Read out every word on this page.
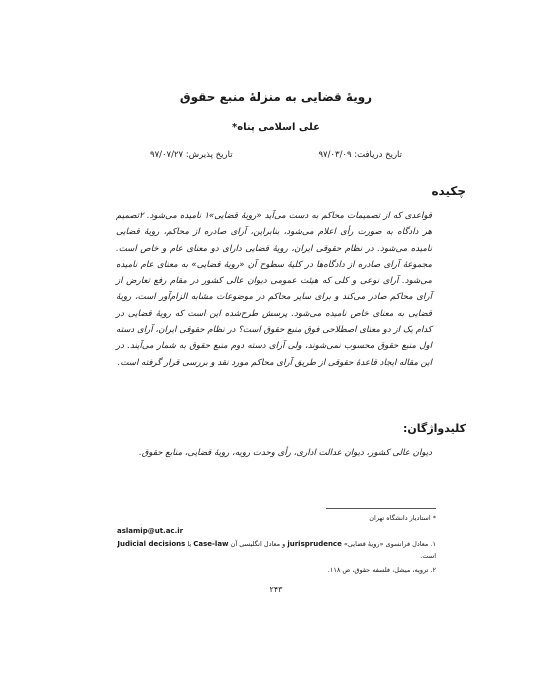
رویهٔ قضایی به منزلهٔ منبع حقوق

علی اسلامی پناه*

تاریخ دریافت: ۹۷/۰۳/۰۹
تاریخ پذیرش: ۹۷/۰۷/۲۷
چکیده

قواعدی که از تصمیمات محاکم به دست می‌آید «رویهٔ قضایی»۱ نامیده می‌شود. ۲تصمیم هر دادگاه به صورت رأی اعلام می‌شود، بنابراین، آرای صادره از محاکم، رویهٔ قضایی نامیده می‌شود. در نظام حقوقی ایران، رویهٔ قضایی دارای دو معنای عام و خاص است. مجموعهٔ آرای صادره از دادگاه‌ها در کلیهٔ سطوح آن «رویهٔ قضایی» به معنای عام نامیده می‌شود. آرای نوعی و کلی که هیئت عمومی دیوان عالی کشور در مقام رفع تعارض از آرای محاکم صادر می‌کند و برای سایر محاکم در موضوعات مشابه الزام‌آور است، رویهٔ قضایی به معنای خاص نامیده می‌شود. پرسش طرح‌شده این است که رویهٔ قضایی در کدام یک از دو معنای اصطلاحی فوق منبع حقوق است؟ در نظام حقوقی ایران، آرای دسته اول منبع حقوق محسوب نمی‌شوند، ولی آرای دسته دوم منبع حقوق به شمار می‌آیند. در این مقاله ایجاد قاعدهٔ حقوقی از طریق آرای محاکم مورد نقد و بررسی قرار گرفته است.

کلیدواژگان:

دیوان عالی کشور، دیوان عدالت اداری، رأی وحدت رویه، رویهٔ قضایی، منابع حقوق.

* استادیار دانشگاه تهران

aslamip@ut.ac.ir

۱. معادل فرانسوی «رویهٔ قضایی» jurisprudence و معادل انگلیسی آن Case-law یا Judicial decisions است.

۲. تروپه، میشل، فلسفه حقوق، ص ۱۱۸.

۲۴۳
